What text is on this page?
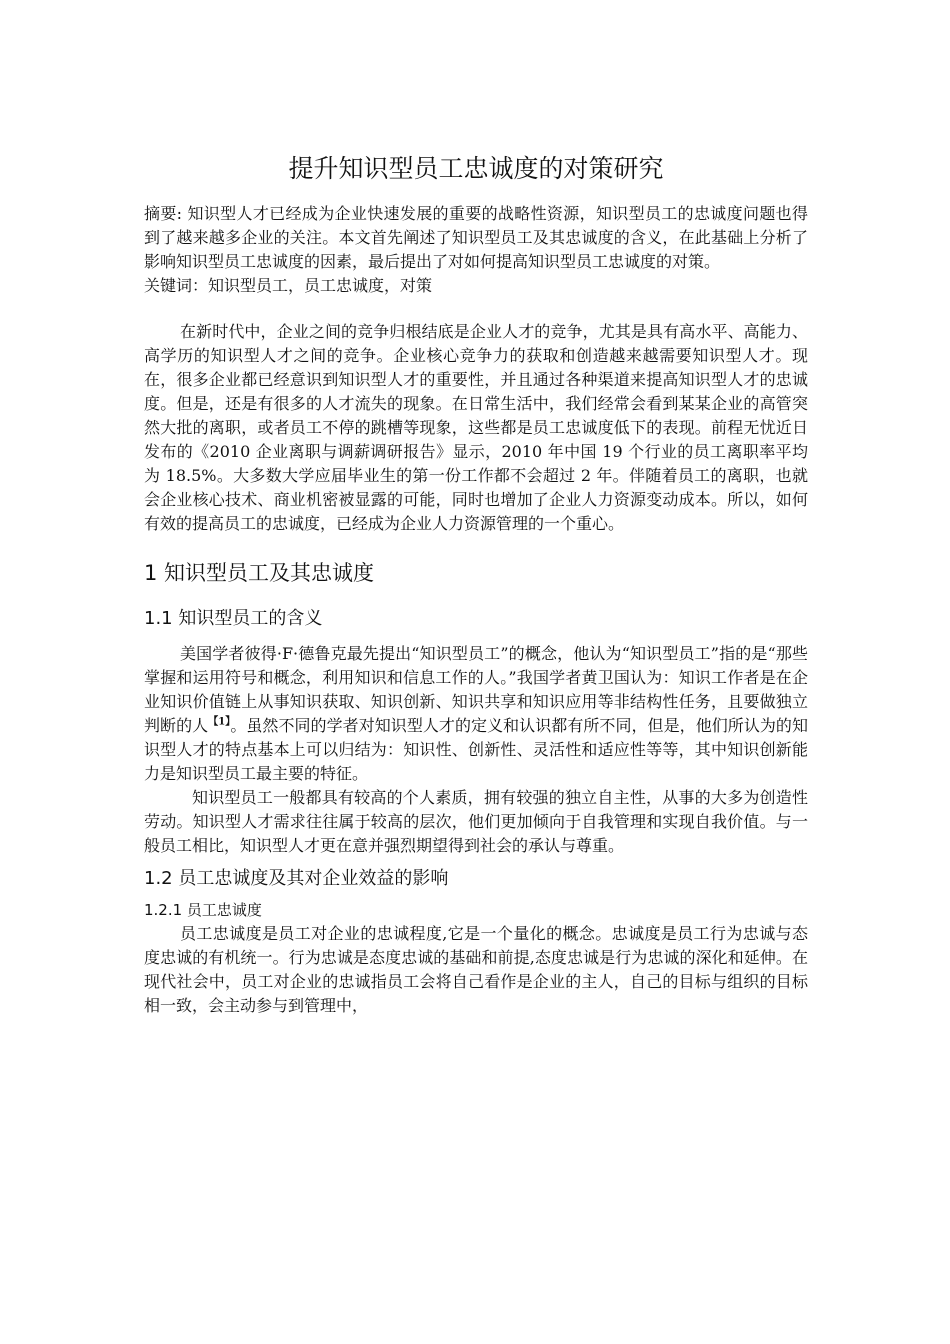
提升知识型员工忠诚度的对策研究

摘要: 知识型人才已经成为企业快速发展的重要的战略性资源，知识型员工的忠诚度问题也得到了越来越多企业的关注。本文首先阐述了知识型员工及其忠诚度的含义，在此基础上分析了影响知识型员工忠诚度的因素，最后提出了对如何提高知识型员工忠诚度的对策。

关键词：知识型员工，员工忠诚度，对策

在新时代中，企业之间的竞争归根结底是企业人才的竞争，尤其是具有高水平、高能力、高学历的知识型人才之间的竞争。企业核心竞争力的获取和创造越来越需要知识型人才。现在，很多企业都已经意识到知识型人才的重要性，并且通过各种渠道来提高知识型人才的忠诚度。但是，还是有很多的人才流失的现象。在日常生活中，我们经常会看到某某企业的高管突然大批的离职，或者员工不停的跳槽等现象，这些都是员工忠诚度低下的表现。前程无忧近日发布的《2010 企业离职与调薪调研报告》显示，2010 年中国 19 个行业的员工离职率平均为 18.5%。大多数大学应届毕业生的第一份工作都不会超过 2 年。伴随着员工的离职，也就会企业核心技术、商业机密被显露的可能，同时也增加了企业人力资源变动成本。所以，如何有效的提高员工的忠诚度，已经成为企业人力资源管理的一个重心。

1 知识型员工及其忠诚度
1.1 知识型员工的含义

美国学者彼得·F·德鲁克最先提出“知识型员工”的概念，他认为“知识型员工”指的是“那些掌握和运用符号和概念，利用知识和信息工作的人。”我国学者黄卫国认为：知识工作者是在企业知识价值链上从事知识获取、知识创新、知识共享和知识应用等非结构性任务，且要做独立判断的人$^{【1】}$。虽然不同的学者对知识型人才的定义和认识都有所不同，但是，他们所认为的知识型人才的特点基本上可以归结为：知识性、创新性、灵活性和适应性等等，其中知识创新能力是知识型员工最主要的特征。

知识型员工一般都具有较高的个人素质，拥有较强的独立自主性，从事的大多为创造性劳动。知识型人才需求往往属于较高的层次，他们更加倾向于自我管理和实现自我价值。与一般员工相比，知识型人才更在意并强烈期望得到社会的承认与尊重。

1.2 员工忠诚度及其对企业效益的影响
1.2.1 员工忠诚度

员工忠诚度是员工对企业的忠诚程度,它是一个量化的概念。忠诚度是员工行为忠诚与态度忠诚的有机统一。行为忠诚是态度忠诚的基础和前提,态度忠诚是行为忠诚的深化和延伸。在现代社会中，员工对企业的忠诚指员工会将自己看作是企业的主人，自己的目标与组织的目标相一致，会主动参与到管理中，
